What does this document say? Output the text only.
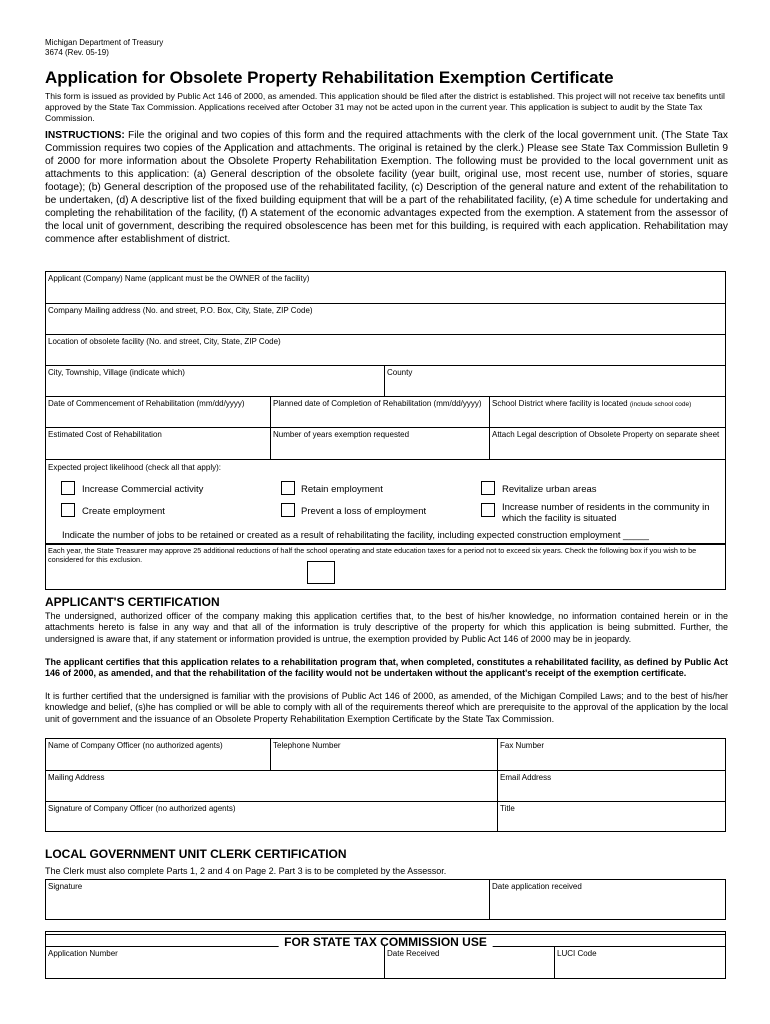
Michigan Department of Treasury
3674 (Rev. 05-19)
Application for Obsolete Property Rehabilitation Exemption Certificate
This form is issued as provided by Public Act 146 of 2000, as amended. This application should be filed after the district is established. This project will not receive tax benefits until approved by the State Tax Commission. Applications received after October 31 may not be acted upon in the current year. This application is subject to audit by the State Tax Commission.
INSTRUCTIONS: File the original and two copies of this form and the required attachments with the clerk of the local government unit. (The State Tax Commission requires two copies of the Application and attachments. The original is retained by the clerk.) Please see State Tax Commission Bulletin 9 of 2000 for more information about the Obsolete Property Rehabilitation Exemption. The following must be provided to the local government unit as attachments to this application: (a) General description of the obsolete facility (year built, original use, most recent use, number of stories, square footage); (b) General description of the proposed use of the rehabilitated facility, (c) Description of the general nature and extent of the rehabilitation to be undertaken, (d) A descriptive list of the fixed building equipment that will be a part of the rehabilitated facility, (e) A time schedule for undertaking and completing the rehabilitation of the facility, (f) A statement of the economic advantages expected from the exemption. A statement from the assessor of the local unit of government, describing the required obsolescence has been met for this building, is required with each application. Rehabilitation may commence after establishment of district.
Applicant (Company) Name (applicant must be the OWNER of the facility)
Company Mailing address (No. and street, P.O. Box, City, State, ZIP Code)
Location of obsolete facility (No. and street, City, State, ZIP Code)
City, Township, Village (indicate which)	County
Date of Commencement of Rehabilitation (mm/dd/yyyy)	Planned date of Completion of Rehabilitation (mm/dd/yyyy)	School District where facility is located (include school code)
Estimated Cost of Rehabilitation	Number of years exemption requested	Attach Legal description of Obsolete Property on separate sheet
Expected project likelihood (check all that apply):
Increase Commercial activity	Retain employment	Revitalize urban areas
Create employment	Prevent a loss of employment	Increase number of residents in the community in which the facility is situated
Indicate the number of jobs to be retained or created as a result of rehabilitating the facility, including expected construction employment _____
Each year, the State Treasurer may approve 25 additional reductions of half the school operating and state education taxes for a period not to exceed six years. Check the following box if you wish to be considered for this exclusion.
APPLICANT'S CERTIFICATION
The undersigned, authorized officer of the company making this application certifies that, to the best of his/her knowledge, no information contained herein or in the attachments hereto is false in any way and that all of the information is truly descriptive of the property for which this application is being submitted. Further, the undersigned is aware that, if any statement or information provided is untrue, the exemption provided by Public Act 146 of 2000 may be in jeopardy.
The applicant certifies that this application relates to a rehabilitation program that, when completed, constitutes a rehabilitated facility, as defined by Public Act 146 of 2000, as amended, and that the rehabilitation of the facility would not be undertaken without the applicant's receipt of the exemption certificate.
It is further certified that the undersigned is familiar with the provisions of Public Act 146 of 2000, as amended, of the Michigan Compiled Laws; and to the best of his/her knowledge and belief, (s)he has complied or will be able to comply with all of the requirements thereof which are prerequisite to the approval of the application by the local unit of government and the issuance of an Obsolete Property Rehabilitation Exemption Certificate by the State Tax Commission.
Name of Company Officer (no authorized agents)	Telephone Number	Fax Number
Mailing Address	Email Address
Signature of Company Officer (no authorized agents)	Title
LOCAL GOVERNMENT UNIT CLERK CERTIFICATION
The Clerk must also complete Parts 1, 2 and 4 on Page 2. Part 3 is to be completed by the Assessor.
Signature	Date application received
FOR STATE TAX COMMISSION USE
Application Number	Date Received	LUCI Code
